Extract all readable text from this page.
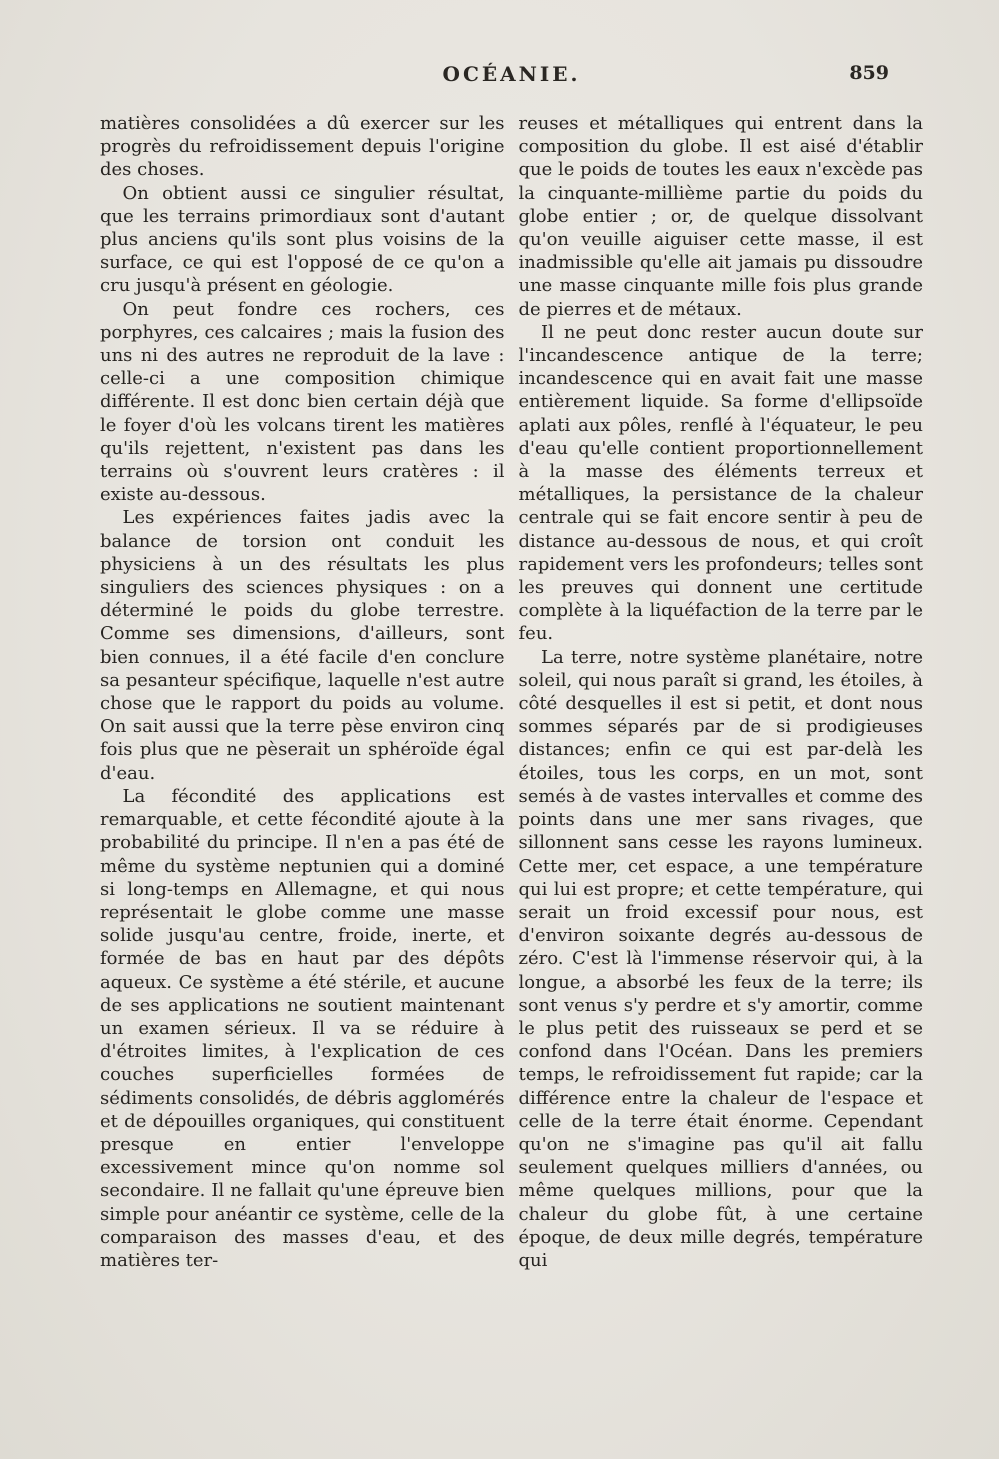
OCÉANIE.	859

matières consolidées a dû exercer sur les progrès du refroidissement depuis l'origine des choses.

On obtient aussi ce singulier résultat, que les terrains primordiaux sont d'autant plus anciens qu'ils sont plus voisins de la surface, ce qui est l'opposé de ce qu'on a cru jusqu'à présent en géologie.

On peut fondre ces rochers, ces porphyres, ces calcaires ; mais la fusion des uns ni des autres ne reproduit de la lave : celle-ci a une composition chimique différente. Il est donc bien certain déjà que le foyer d'où les volcans tirent les matières qu'ils rejettent, n'existent pas dans les terrains où s'ouvrent leurs cratères : il existe au-dessous.

Les expériences faites jadis avec la balance de torsion ont conduit les physiciens à un des résultats les plus singuliers des sciences physiques : on a déterminé le poids du globe terrestre. Comme ses dimensions, d'ailleurs, sont bien connues, il a été facile d'en conclure sa pesanteur spécifique, laquelle n'est autre chose que le rapport du poids au volume. On sait aussi que la terre pèse environ cinq fois plus que ne pèserait un sphéroïde égal d'eau.

La fécondité des applications est remarquable, et cette fécondité ajoute à la probabilité du principe. Il n'en a pas été de même du système neptunien qui a dominé si long-temps en Allemagne, et qui nous représentait le globe comme une masse solide jusqu'au centre, froide, inerte, et formée de bas en haut par des dépôts aqueux. Ce système a été stérile, et aucune de ses applications ne soutient maintenant un examen sérieux. Il va se réduire à d'étroites limites, à l'explication de ces couches superficielles formées de sédiments consolidés, de débris agglomérés et de dépouilles organiques, qui constituent presque en entier l'enveloppe excessivement mince qu'on nomme sol secondaire. Il ne fallait qu'une épreuve bien simple pour anéantir ce système, celle de la comparaison des masses d'eau, et des matières ter-

reuses et métalliques qui entrent dans la composition du globe. Il est aisé d'établir que le poids de toutes les eaux n'excède pas la cinquante-millième partie du poids du globe entier ; or, de quelque dissolvant qu'on veuille aiguiser cette masse, il est inadmissible qu'elle ait jamais pu dissoudre une masse cinquante mille fois plus grande de pierres et de métaux.

Il ne peut donc rester aucun doute sur l'incandescence antique de la terre; incandescence qui en avait fait une masse entièrement liquide. Sa forme d'ellipsoïde aplati aux pôles, renflé à l'équateur, le peu d'eau qu'elle contient proportionnellement à la masse des éléments terreux et métalliques, la persistance de la chaleur centrale qui se fait encore sentir à peu de distance au-dessous de nous, et qui croît rapidement vers les profondeurs; telles sont les preuves qui donnent une certitude complète à la liquéfaction de la terre par le feu.

La terre, notre système planétaire, notre soleil, qui nous paraît si grand, les étoiles, à côté desquelles il est si petit, et dont nous sommes séparés par de si prodigieuses distances; enfin ce qui est par-delà les étoiles, tous les corps, en un mot, sont semés à de vastes intervalles et comme des points dans une mer sans rivages, que sillonnent sans cesse les rayons lumineux. Cette mer, cet espace, a une température qui lui est propre; et cette température, qui serait un froid excessif pour nous, est d'environ soixante degrés au-dessous de zéro. C'est là l'immense réservoir qui, à la longue, a absorbé les feux de la terre; ils sont venus s'y perdre et s'y amortir, comme le plus petit des ruisseaux se perd et se confond dans l'Océan. Dans les premiers temps, le refroidissement fut rapide; car la différence entre la chaleur de l'espace et celle de la terre était énorme. Cependant qu'on ne s'imagine pas qu'il ait fallu seulement quelques milliers d'années, ou même quelques millions, pour que la chaleur du globe fût, à une certaine époque, de deux mille degrés, température qui
